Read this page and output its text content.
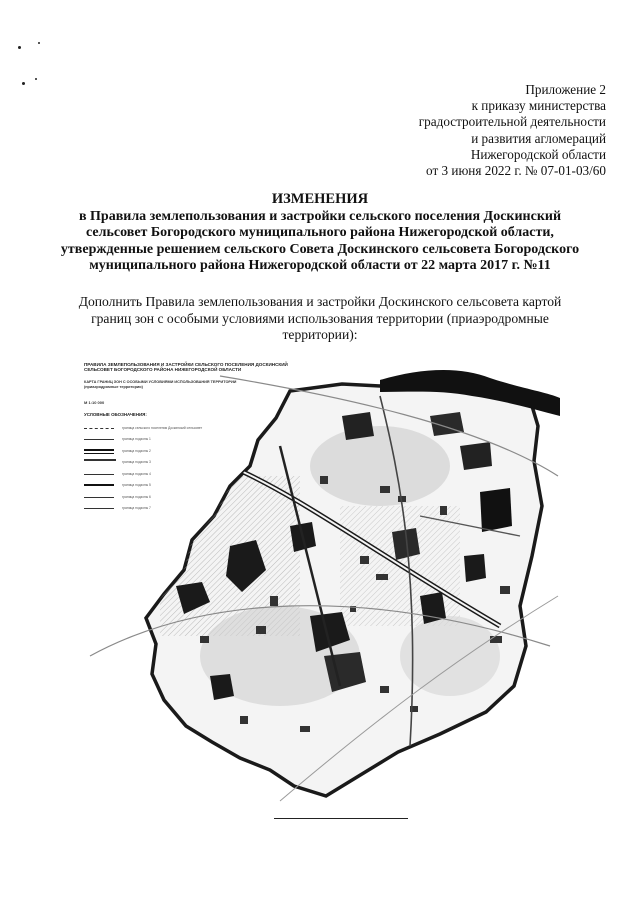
Приложение 2
к приказу министерства
градостроительной деятельности
и развития агломераций
Нижегородской области
от 3 июня 2022 г. № 07-01-03/60
ИЗМЕНЕНИЯ
в Правила землепользования и застройки сельского поселения Доскинский
сельсовет Богородского муниципального района Нижегородской области,
утвержденные решением сельского Совета Доскинского сельсовета Богородского
муниципального района Нижегородской области от 22 марта 2017 г. №11
Дополнить Правила землепользования и застройки Доскинского сельсовета картой
границ зон с особыми условиями использования территории (приаэродромные
территории):
ПРАВИЛА ЗЕМЛЕПОЛЬЗОВАНИЯ И ЗАСТРОЙКИ СЕЛЬСКОГО ПОСЕЛЕНИЯ ДОСКИНСКИЙ
СЕЛЬСОВЕТ БОГОРОДСКОГО РАЙОНА НИЖЕГОРОДСКОЙ ОБЛАСТИ
КАРТА ГРАНИЦ ЗОН С ОСОБЫМИ УСЛОВИЯМИ ИСПОЛЬЗОВАНИЯ ТЕРРИТОРИИ
(приаэродромные территории)
М 1:10 000
УСЛОВНЫЕ ОБОЗНАЧЕНИЯ:
граница сельского поселения Доскинский сельсовет
граница подзоны 1
граница подзоны 2
граница подзоны 3
граница подзоны 4
граница подзоны 5
граница подзоны 6
граница подзоны 7
